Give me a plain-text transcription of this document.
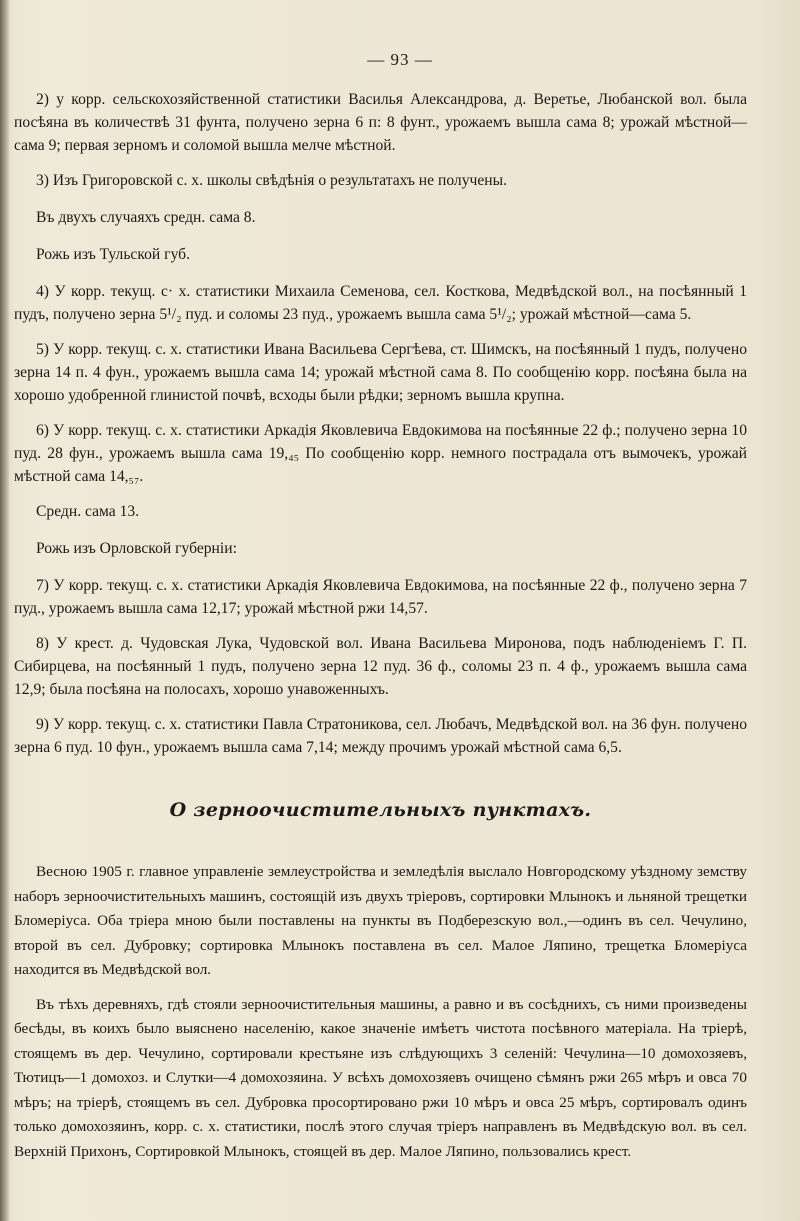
— 93 —

2) у корр. сельскохозяйственной статистики Василья Александрова, д. Веретье, Любанской вол. была посѣяна въ количествѣ 31 фунта, получено зерна 6 п: 8 фунт., урожаемъ вышла сама 8; урожай мѣстной—сама 9; первая зерномъ и соломой вышла мелче мѣстной.

3) Изъ Григоровской с. х. школы свѣдѣнія о результатахъ не получены.

Въ двухъ случаяхъ средн. сама 8.

Рожь изъ Тульской губ.

4) У корр. текущ. с· х. статистики Михаила Семенова, сел. Косткова, Медвѣдской вол., на посѣянный 1 пудъ, получено зерна 5¹/₂ пуд. и соломы 23 пуд., урожаемъ вышла сама 5¹/₂; урожай мѣстной—сама 5.

5) У корр. текущ. с. х. статистики Ивана Васильева Сергѣева, ст. Шимскъ, на посѣянный 1 пудъ, получено зерна 14 п. 4 фун., урожаемъ вышла сама 14; урожай мѣстной сама 8. По сообщенію корр. посѣяна была на хорошо удобренной глинистой почвѣ, всходы были рѣдки; зерномъ вышла крупна.

6) У корр. текущ. с. х. статистики Аркадія Яковлевича Евдокимова на посѣянные 22 ф.; получено зерна 10 пуд. 28 фун., урожаемъ вышла сама 19,₄₅ По сообщенію корр. немного пострадала отъ вымочекъ, урожай мѣстной сама 14,₅₇.

Средн. сама 13.

Рожь изъ Орловской губерніи:

7) У корр. текущ. с. х. статистики Аркадія Яковлевича Евдокимова, на посѣянные 22 ф., получено зерна 7 пуд., урожаемъ вышла сама 12,17; урожай мѣстной ржи 14,57.

8) У крест. д. Чудовская Лука, Чудовской вол. Ивана Васильева Миронова, подъ наблюденіемъ Г. П. Сибирцева, на посѣянный 1 пудъ, получено зерна 12 пуд. 36 ф., соломы 23 п. 4 ф., урожаемъ вышла сама 12,9; была посѣяна на полосахъ, хорошо унавоженныхъ.

9) У корр. текущ. с. х. статистики Павла Стратоникова, сел. Любачъ, Медвѣдской вол. на 36 фун. получено зерна 6 пуд. 10 фун., урожаемъ вышла сама 7,14; между прочимъ урожай мѣстной сама 6,5.

О зерноочистительныхъ пунктахъ.

Весною 1905 г. главное управленіе землеустройства и земледѣлія выслало Новгородскому уѣздному земству наборъ зерноочистительныхъ машинъ, состоящій изъ двухъ тріеровъ, сортировки Млынокъ и льняной трещетки Бломеріуса. Оба тріера мною были поставлены на пункты въ Подберезскую вол.,—одинъ въ сел. Чечулино, второй въ сел. Дубровку; сортировка Млынокъ поставлена въ сел. Малое Ляпино, трещетка Бломеріуса находится въ Медвѣдской вол.

Въ тѣхъ деревняхъ, гдѣ стояли зерноочистительныя машины, а равно и въ сосѣднихъ, съ ними произведены бесѣды, въ коихъ было выяснено населенію, какое значеніе имѣетъ чистота посѣвного матеріала. На тріерѣ, стоящемъ въ дер. Чечулино, сортировали крестьяне изъ слѣдующихъ 3 селеній: Чечулина—10 домохозяевъ, Тютицъ—1 домохоз. и Слутки—4 домохозяина. У всѣхъ домохозяевъ очищено сѣмянъ ржи 265 мѣръ и овса 70 мѣръ; на тріерѣ, стоящемъ въ сел. Дубровка просортировано ржи 10 мѣръ и овса 25 мѣръ, сортировалъ одинъ только домохозяинъ, корр. с. х. статистики, послѣ этого случая тріеръ направленъ въ Медвѣдскую вол. въ сел. Верхній Прихонъ, Сортировкой Млынокъ, стоящей въ дер. Малое Ляпино, пользовались крест.
